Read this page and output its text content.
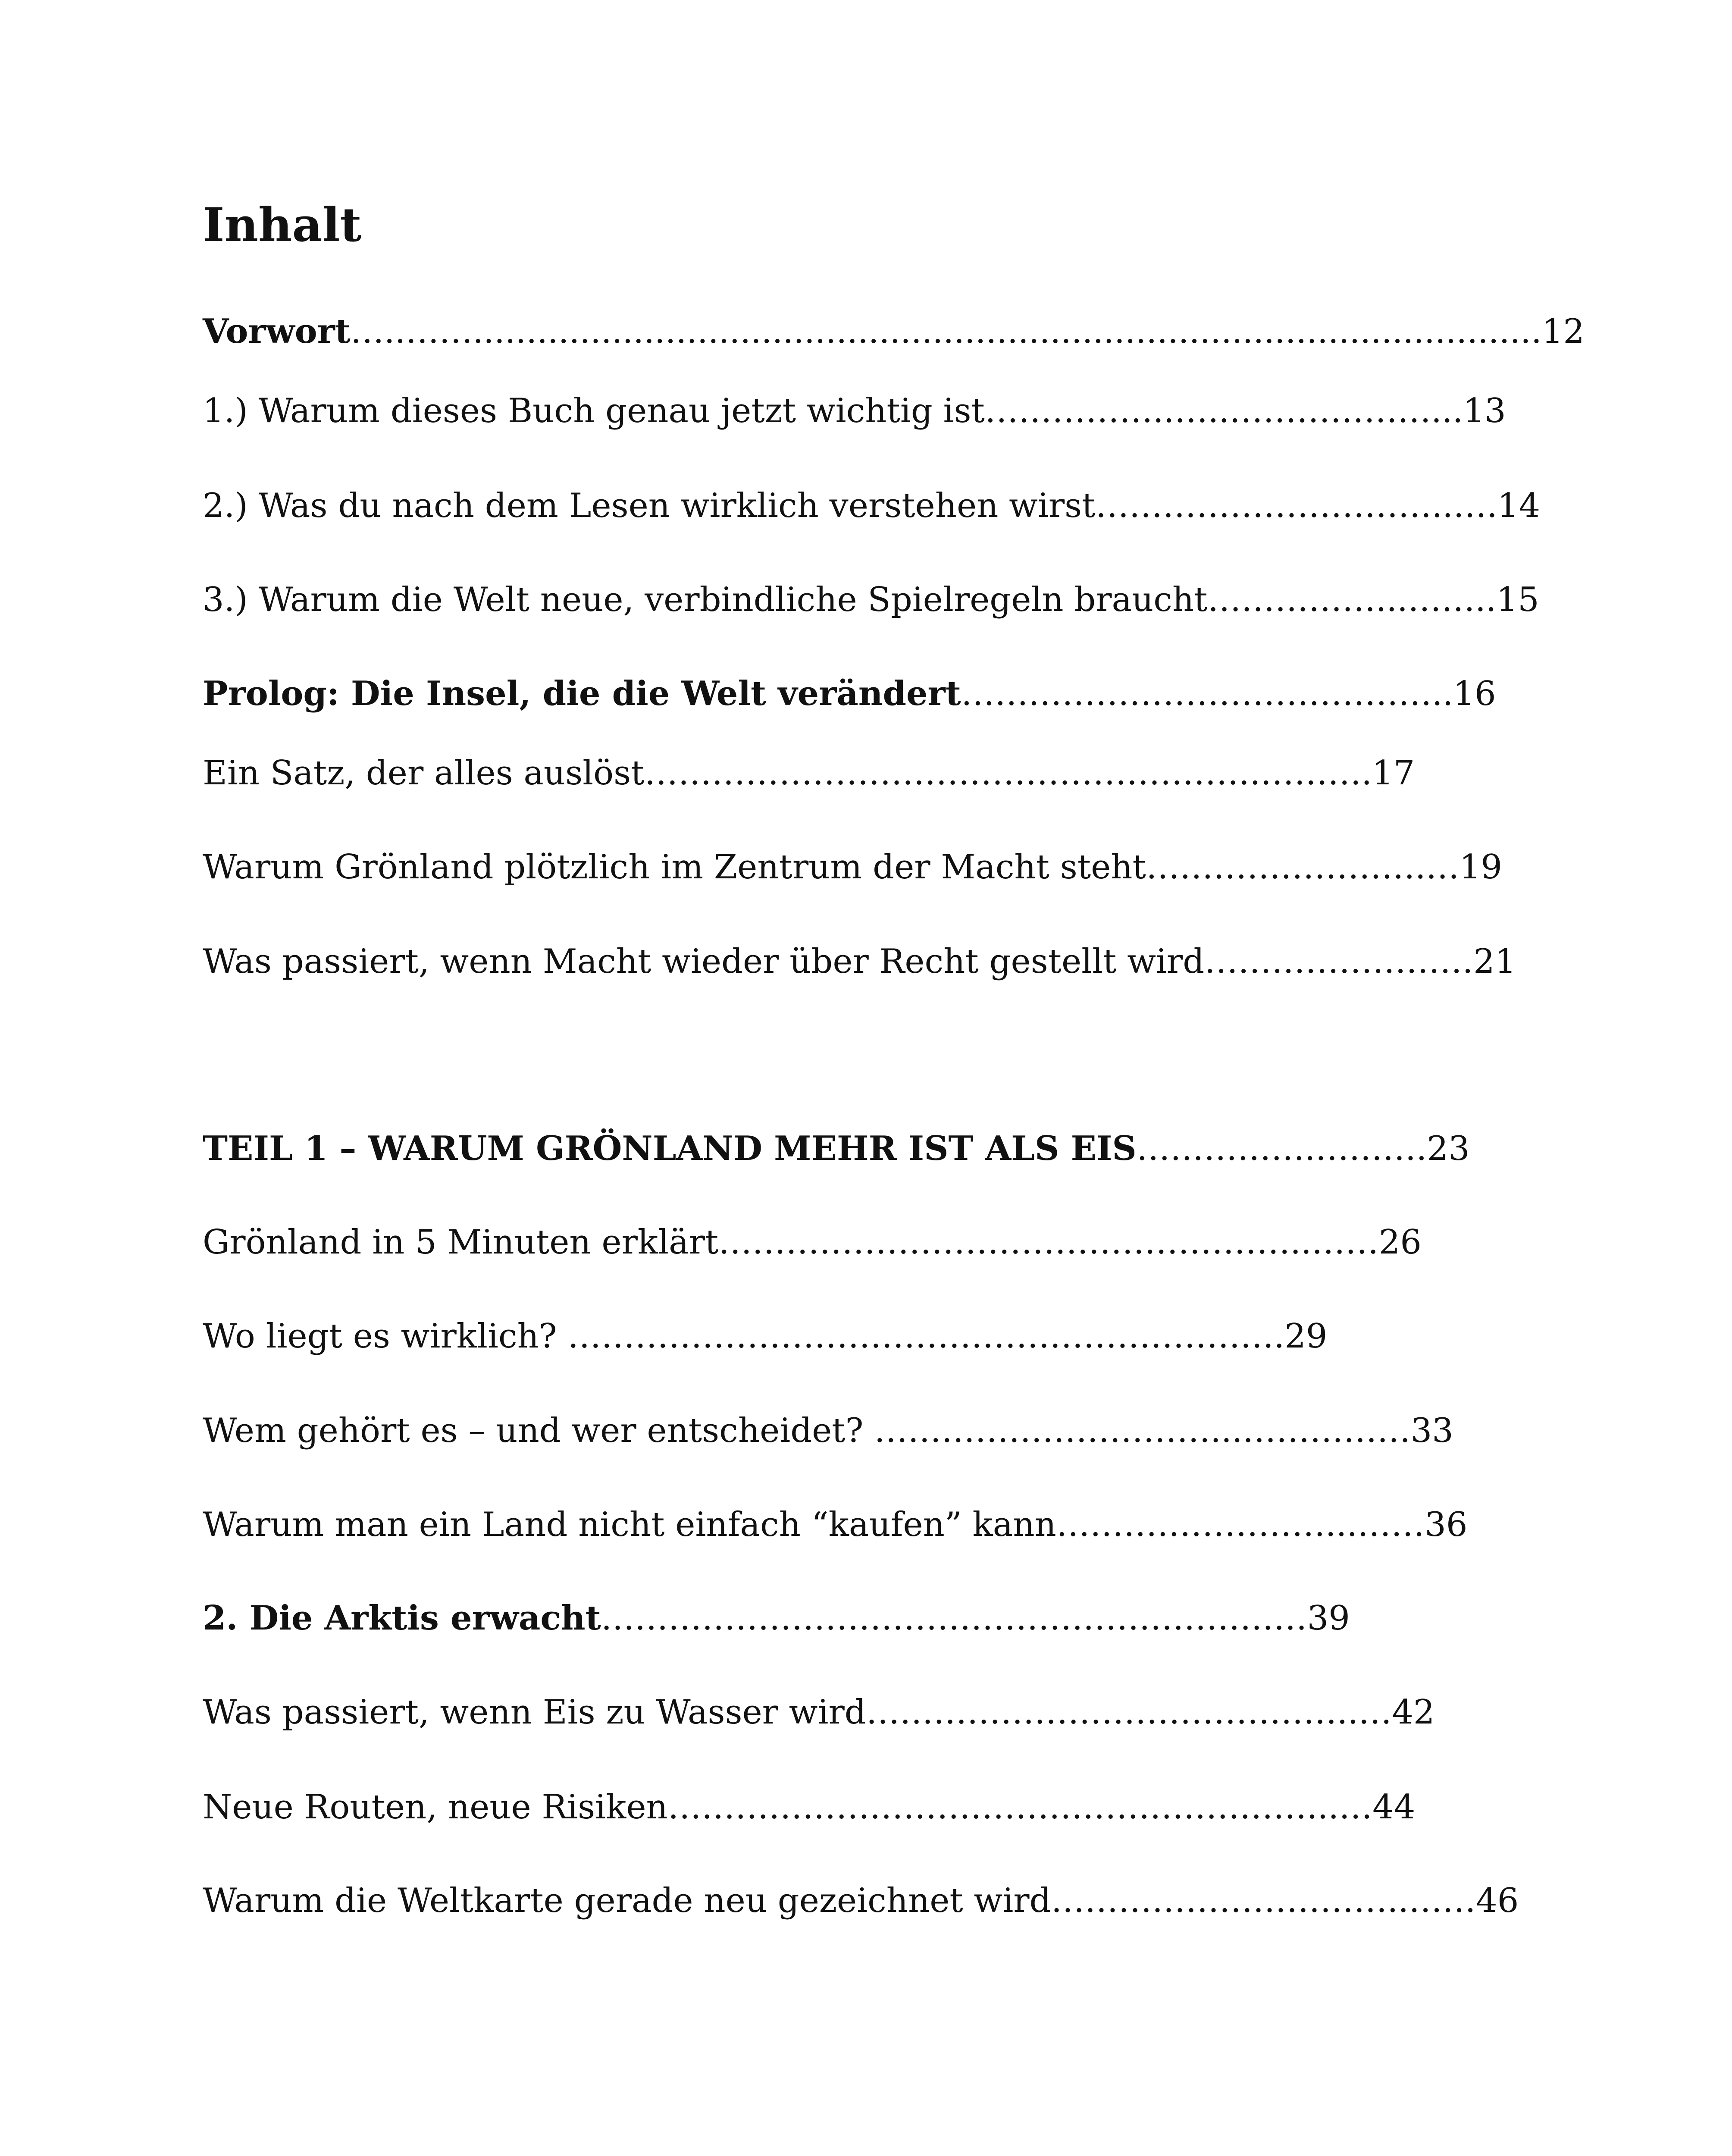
Inhalt
Vorwort…..……....................................................................................................12
1.) Warum dieses Buch genau jetzt wichtig ist……………..…..………………...13
2.) Was du nach dem Lesen wirklich verstehen wirst…………………………..….14
3.) Warum die Welt neue, verbindliche Spielregeln braucht……………...……..15
Prolog: Die Insel, die die Welt verändert……………………………………..16
Ein Satz, der alles auslöst……………………………………………….……….17
Warum Grönland plötzlich im Zentrum der Macht steht…………………….…19
Was passiert, wenn Macht wieder über Recht gestellt wird……………………21
TEIL 1 – WARUM GRÖNLAND MEHR IST ALS EIS…………….……….23
Grönland in 5 Minuten erklärt……………………………………………..……26
Wo liegt es wirklich? ……………………………………………………….29
Wem gehört es – und wer entscheidet? …………………………...……………33
Warum man ein Land nicht einfach “kaufen” kann……………………...……36
2. Die Arktis erwacht………………………………………………………39
Was passiert, wenn Eis zu Wasser wird……………………………………..…42
Neue Routen, neue Risiken…………………………………………………...…44
Warum die Weltkarte gerade neu gezeichnet wird…………………………..……46
